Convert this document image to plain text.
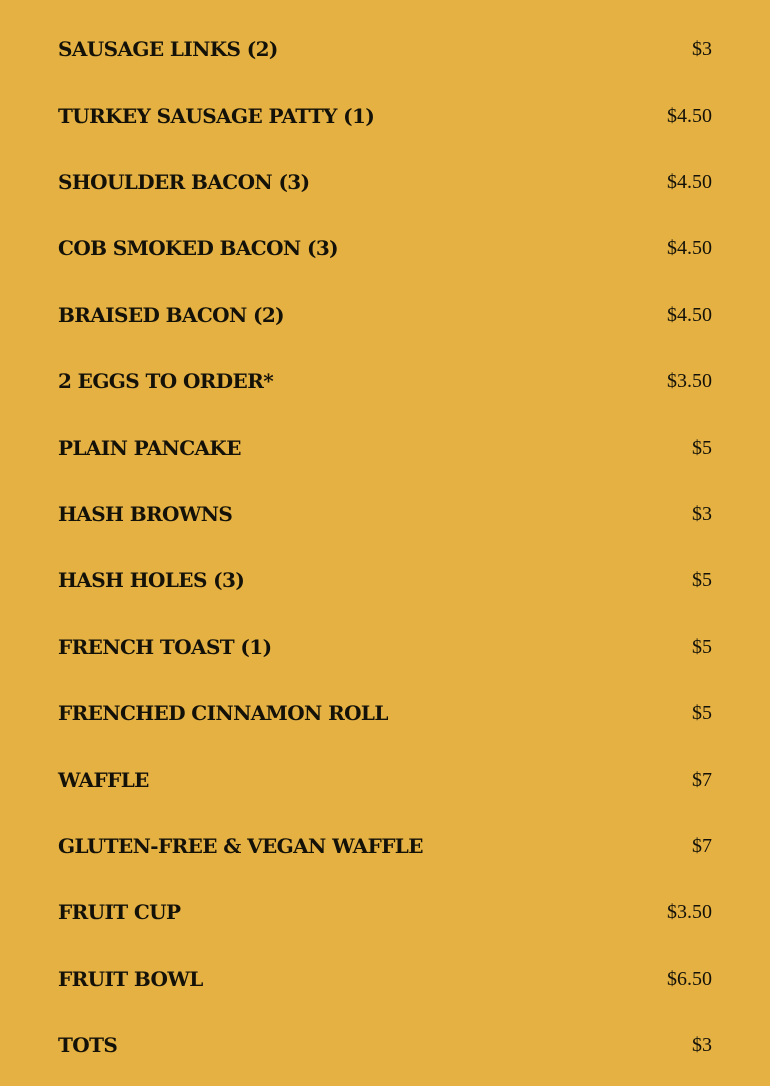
SAUSAGE LINKS (2)	$3
TURKEY SAUSAGE PATTY (1)	$4.50
SHOULDER BACON (3)	$4.50
COB SMOKED BACON (3)	$4.50
BRAISED BACON (2)	$4.50
2 EGGS TO ORDER*	$3.50
PLAIN PANCAKE	$5
HASH BROWNS	$3
HASH HOLES (3)	$5
FRENCH TOAST (1)	$5
FRENCHED CINNAMON ROLL	$5
WAFFLE	$7
GLUTEN-FREE & VEGAN WAFFLE	$7
FRUIT CUP	$3.50
FRUIT BOWL	$6.50
TOTS	$3
